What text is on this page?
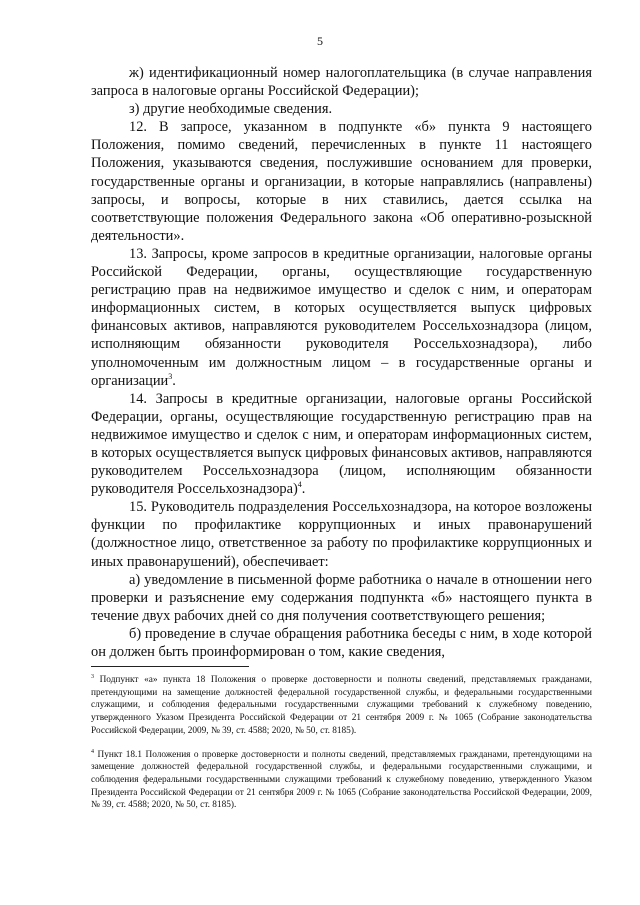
5

ж) идентификационный номер налогоплательщика (в случае направления запроса в налоговые органы Российской Федерации);

з) другие необходимые сведения.

12. В запросе, указанном в подпункте «б» пункта 9 настоящего Положения, помимо сведений, перечисленных в пункте 11 настоящего Положения, указываются сведения, послужившие основанием для проверки, государственные органы и организации, в которые направлялись (направлены) запросы, и вопросы, которые в них ставились, дается ссылка на соответствующие положения Федерального закона «Об оперативно-розыскной деятельности».

13. Запросы, кроме запросов в кредитные организации, налоговые органы Российской Федерации, органы, осуществляющие государственную регистрацию прав на недвижимое имущество и сделок с ним, и операторам информационных систем, в которых осуществляется выпуск цифровых финансовых активов, направляются руководителем Россельхознадзора (лицом, исполняющим обязанности руководителя Россельхознадзора), либо уполномоченным им должностным лицом – в государственные органы и организации$^3$.

14. Запросы в кредитные организации, налоговые органы Российской Федерации, органы, осуществляющие государственную регистрацию прав на недвижимое имущество и сделок с ним, и операторам информационных систем, в которых осуществляется выпуск цифровых финансовых активов, направляются руководителем Россельхознадзора (лицом, исполняющим обязанности руководителя Россельхознадзора)$^4$.

15. Руководитель подразделения Россельхознадзора, на которое возложены функции по профилактике коррупционных и иных правонарушений (должностное лицо, ответственное за работу по профилактике коррупционных и иных правонарушений), обеспечивает:

а) уведомление в письменной форме работника о начале в отношении него проверки и разъяснение ему содержания подпункта «б» настоящего пункта в течение двух рабочих дней со дня получения соответствующего решения;

б) проведение в случае обращения работника беседы с ним, в ходе которой он должен быть проинформирован о том, какие сведения,

$^3$ Подпункт «а» пункта 18 Положения о проверке достоверности и полноты сведений, представляемых гражданами, претендующими на замещение должностей федеральной государственной службы, и федеральными государственными служащими, и соблюдения федеральными государственными служащими требований к служебному поведению, утвержденного Указом Президента Российской Федерации от 21 сентября 2009 г. № 1065 (Собрание законодательства Российской Федерации, 2009, № 39, ст. 4588; 2020, № 50, ст. 8185).

$^4$ Пункт 18.1 Положения о проверке достоверности и полноты сведений, представляемых гражданами, претендующими на замещение должностей федеральной государственной службы, и федеральными государственными служащими, и соблюдения федеральными государственными служащими требований к служебному поведению, утвержденного Указом Президента Российской Федерации от 21 сентября 2009 г. № 1065 (Собрание законодательства Российской Федерации, 2009, № 39, ст. 4588; 2020, № 50, ст. 8185).
